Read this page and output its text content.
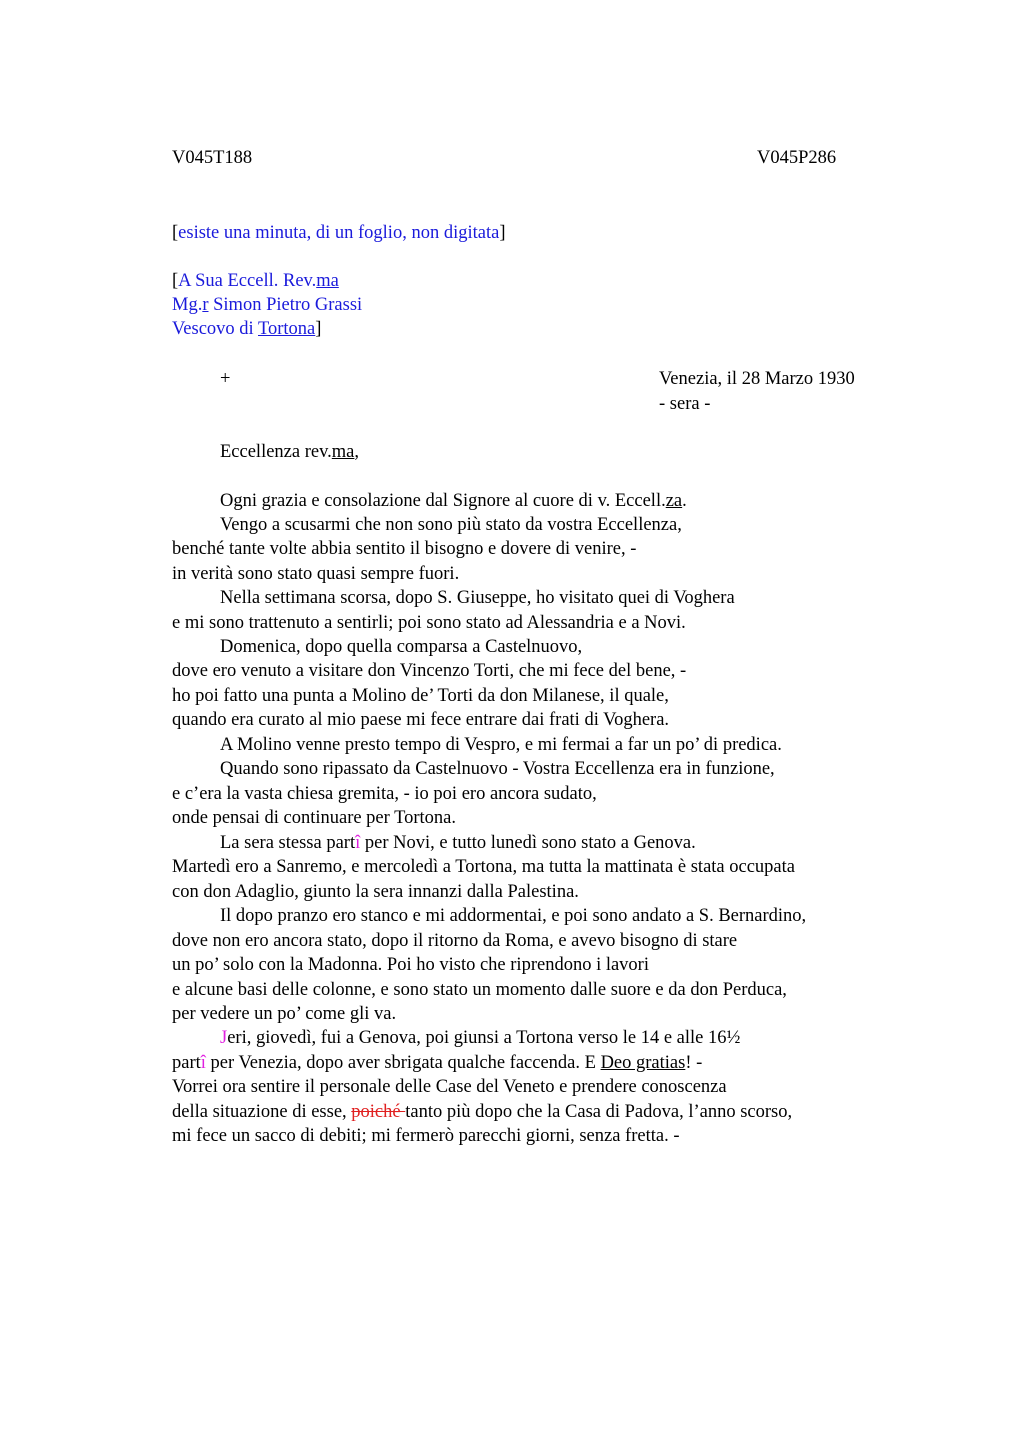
V045T188	V045P286
[esiste una minuta, di un foglio, non digitata]
[A Sua Eccell. Rev.ma
Mg.r Simon Pietro Grassi
Vescovo di Tortona]
+	Venezia, il 28 Marzo 1930
- sera -
Eccellenza rev.ma,
Ogni grazia e consolazione dal Signore al cuore di v. Eccell.za.
Vengo a scusarmi che non sono più stato da vostra Eccellenza,
benché tante volte abbia sentito il bisogno e dovere di venire, -
in verità sono stato quasi sempre fuori.
Nella settimana scorsa, dopo S. Giuseppe, ho visitato quei di Voghera
e mi sono trattenuto a sentirli; poi sono stato ad Alessandria e a Novi.
Domenica, dopo quella comparsa a Castelnuovo,
dove ero venuto a visitare don Vincenzo Torti, che mi fece del bene, -
ho poi fatto una punta a Molino de’ Torti da don Milanese, il quale,
quando era curato al mio paese mi fece entrare dai frati di Voghera.
A Molino venne presto tempo di Vespro, e mi fermai a far un po’ di predica.
Quando sono ripassato da Castelnuovo - Vostra Eccellenza era in funzione,
e c’era la vasta chiesa gremita, - io poi ero ancora sudato,
onde pensai di continuare per Tortona.
La sera stessa partî per Novi, e tutto lunedì sono stato a Genova.
Martedì ero a Sanremo, e mercoledì a Tortona, ma tutta la mattinata è stata occupata
con don Adaglio, giunto la sera innanzi dalla Palestina.
Il dopo pranzo ero stanco e mi addormentai, e poi sono andato a S. Bernardino,
dove non ero ancora stato, dopo il ritorno da Roma, e avevo bisogno di stare
un po’ solo con la Madonna. Poi ho visto che riprendono i lavori
e alcune basi delle colonne, e sono stato un momento dalle suore e da don Perduca,
per vedere un po’ come gli va.
Jeri, giovedì, fui a Genova, poi giunsi a Tortona verso le 14 e alle 16½
partî per Venezia, dopo aver sbrigata qualche faccenda. E Deo gratias! -
Vorrei ora sentire il personale delle Case del Veneto e prendere conoscenza
della situazione di esse, poiché tanto più dopo che la Casa di Padova, l’anno scorso,
mi fece un sacco di debiti; mi fermerò parecchi giorni, senza fretta. -
